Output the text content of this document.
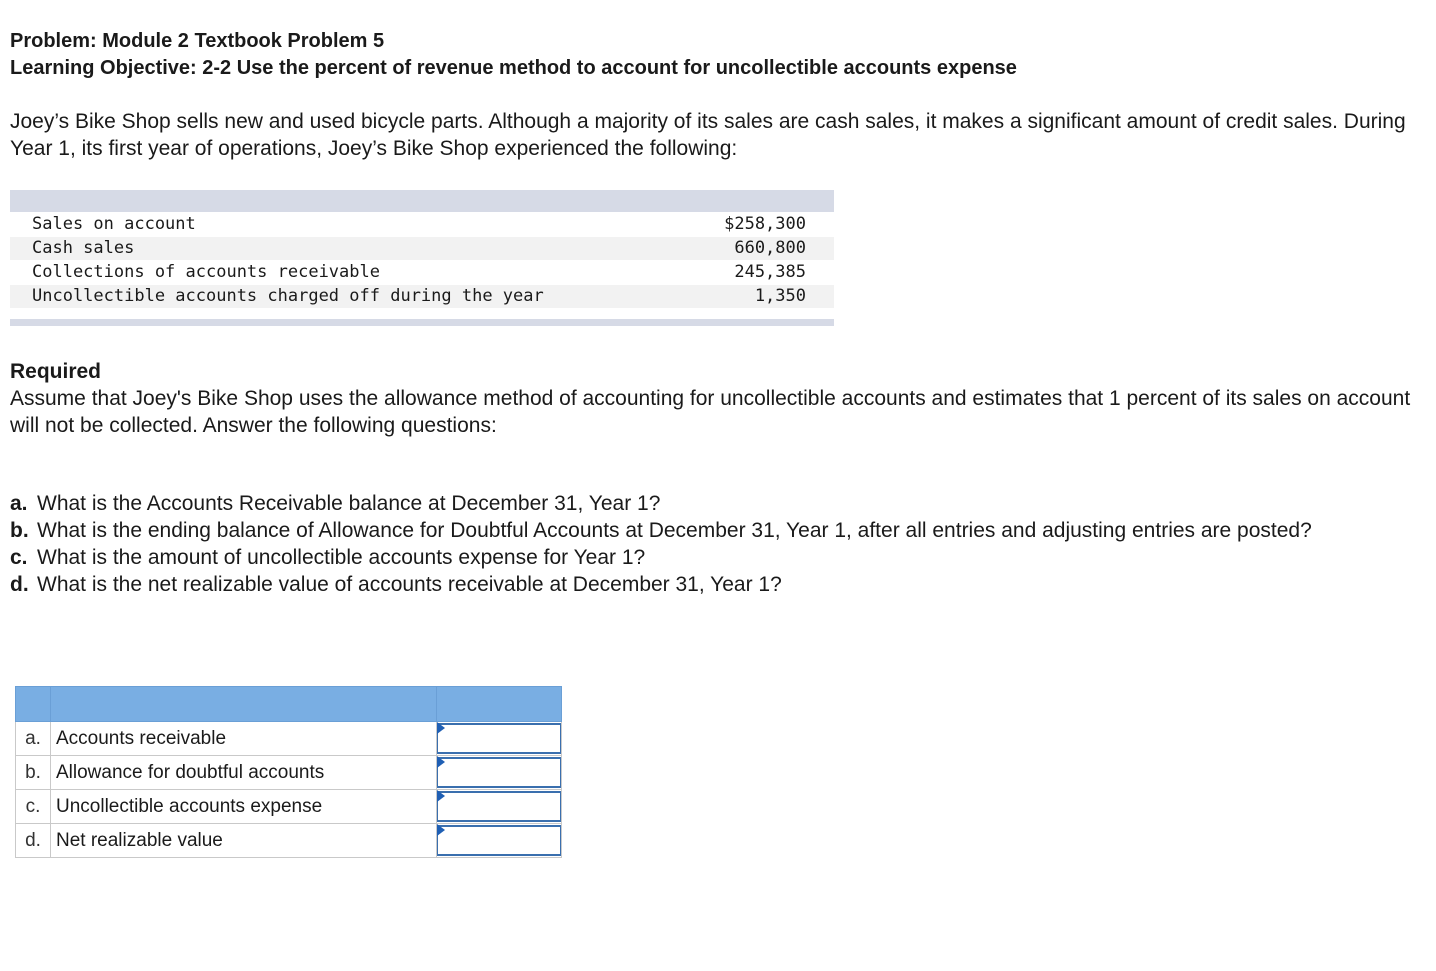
Problem: Module 2 Textbook Problem 5
Learning Objective: 2-2 Use the percent of revenue method to account for uncollectible accounts expense
Joey’s Bike Shop sells new and used bicycle parts. Although a majority of its sales are cash sales, it makes a significant amount of credit sales. During Year 1, its first year of operations, Joey’s Bike Shop experienced the following:
Sales on account	$258,300
Cash sales	660,800
Collections of accounts receivable	245,385
Uncollectible accounts charged off during the year	1,350
Required
Assume that Joey's Bike Shop uses the allowance method of accounting for uncollectible accounts and estimates that 1 percent of its sales on account will not be collected. Answer the following questions:
a. What is the Accounts Receivable balance at December 31, Year 1?
b. What is the ending balance of Allowance for Doubtful Accounts at December 31, Year 1, after all entries and adjusting entries are posted?
c. What is the amount of uncollectible accounts expense for Year 1?
d. What is the net realizable value of accounts receivable at December 31, Year 1?

a.	Accounts receivable	

b.	Allowance for doubtful accounts	

c.	Uncollectible accounts expense	

d.	Net realizable value	
